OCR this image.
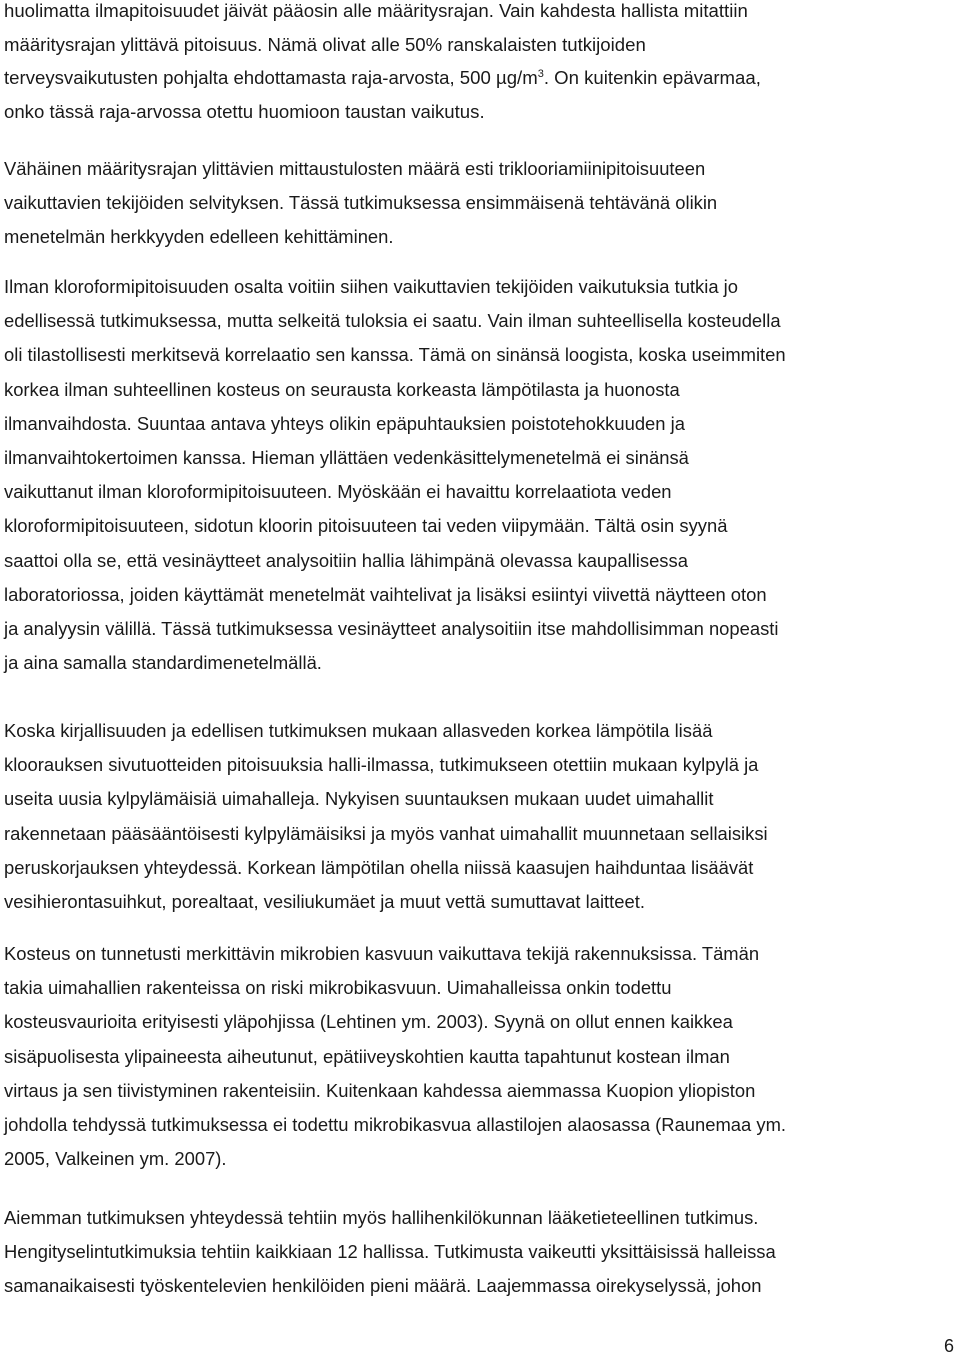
huolimatta ilmapitoisuudet jäivät pääosin alle määritysrajan. Vain kahdesta hallista mitattiin
määritysrajan ylittävä pitoisuus. Nämä olivat alle 50% ranskalaisten tutkijoiden
terveysvaikutusten pohjalta ehdottamasta raja-arvosta, 500 $\mu g/m^3$. On kuitenkin epävarmaa,
onko tässä raja-arvossa otettu huomioon taustan vaikutus.
Vähäinen määritysrajan ylittävien mittaustulosten määrä esti triklooriamiinipitoisuuteen
vaikuttavien tekijöiden selvityksen. Tässä tutkimuksessa ensimmäisenä tehtävänä olikin
menetelmän herkkyyden edelleen kehittäminen.
Ilman kloroformipitoisuuden osalta voitiin siihen vaikuttavien tekijöiden vaikutuksia tutkia jo
edellisessä tutkimuksessa, mutta selkeitä tuloksia ei saatu. Vain ilman suhteellisella kosteudella
oli tilastollisesti merkitsevä korrelaatio sen kanssa. Tämä on sinänsä loogista, koska useimmiten
korkea ilman suhteellinen kosteus on seurausta korkeasta lämpötilasta ja huonosta
ilmanvaihdosta. Suuntaa antava yhteys olikin epäpuhtauksien poistotehokkuuden ja
ilmanvaihtokertoimen kanssa. Hieman yllättäen vedenkäsittelymenetelmä ei sinänsä
vaikuttanut ilman kloroformipitoisuuteen. Myöskään ei havaittu korrelaatiota veden
kloroformipitoisuuteen, sidotun kloorin pitoisuuteen tai veden viipymään. Tältä osin syynä
saattoi olla se, että vesinäytteet analysoitiin hallia lähimpänä olevassa kaupallisessa
laboratoriossa, joiden käyttämät menetelmät vaihtelivat ja lisäksi esiintyi viivettä näytteen oton
ja analyysin välillä. Tässä tutkimuksessa vesinäytteet analysoitiin itse mahdollisimman nopeasti
ja aina samalla standardimenetelmällä.
Koska kirjallisuuden ja edellisen tutkimuksen mukaan allasveden korkea lämpötila lisää
kloorauksen sivutuotteiden pitoisuuksia halli-ilmassa, tutkimukseen otettiin mukaan kylpylä ja
useita uusia kylpylämäisiä uimahalleja. Nykyisen suuntauksen mukaan uudet uimahallit
rakennetaan pääsääntöisesti kylpylämäisiksi ja myös vanhat uimahallit muunnetaan sellaisiksi
peruskorjauksen yhteydessä. Korkean lämpötilan ohella niissä kaasujen haihduntaa lisäävät
vesihierontasuihkut, porealtaat, vesiliukumäet ja muut vettä sumuttavat laitteet.
Kosteus on tunnetusti merkittävin mikrobien kasvuun vaikuttava tekijä rakennuksissa. Tämän
takia uimahallien rakenteissa on riski mikrobikasvuun. Uimahalleissa onkin todettu
kosteusvaurioita erityisesti yläpohjissa (Lehtinen ym. 2003). Syynä on ollut ennen kaikkea
sisäpuolisesta ylipaineesta aiheutunut, epätiiveyskohtien kautta tapahtunut kostean ilman
virtaus ja sen tiivistyminen rakenteisiin. Kuitenkaan kahdessa aiemmassa Kuopion yliopiston
johdolla tehdyssä tutkimuksessa ei todettu mikrobikasvua allastilojen alaosassa (Raunemaa ym.
2005, Valkeinen ym. 2007).
Aiemman tutkimuksen yhteydessä tehtiin myös hallihenkilökunnan lääketieteellinen tutkimus.
Hengityselintutkimuksia tehtiin kaikkiaan 12 hallissa. Tutkimusta vaikeutti yksittäisissä halleissa
samanaikaisesti työskentelevien henkilöiden pieni määrä. Laajemmassa oirekyselyssä, johon
6
